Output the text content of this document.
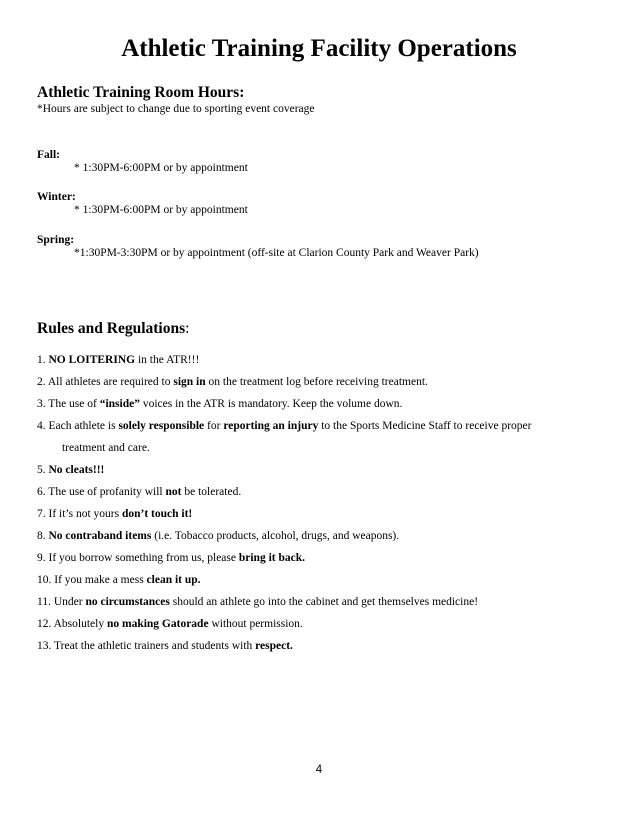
Athletic Training Facility Operations
Athletic Training Room Hours:
*Hours are subject to change due to sporting event coverage
Fall:
* 1:30PM-6:00PM or by appointment
Winter:
* 1:30PM-6:00PM or by appointment
Spring:
*1:30PM-3:30PM or by appointment (off-site at Clarion County Park and Weaver Park)
Rules and Regulations:
1. NO LOITERING in the ATR!!!
2. All athletes are required to sign in on the treatment log before receiving treatment.
3. The use of “inside” voices in the ATR is mandatory. Keep the volume down.
4. Each athlete is solely responsible for reporting an injury to the Sports Medicine Staff to receive proper
treatment and care.
5. No cleats!!!
6. The use of profanity will not be tolerated.
7. If it’s not yours don’t touch it!
8. No contraband items (i.e. Tobacco products, alcohol, drugs, and weapons).
9. If you borrow something from us, please bring it back.
10. If you make a mess clean it up.
11. Under no circumstances should an athlete go into the cabinet and get themselves medicine!
12. Absolutely no making Gatorade without permission.
13. Treat the athletic trainers and students with respect.
4
